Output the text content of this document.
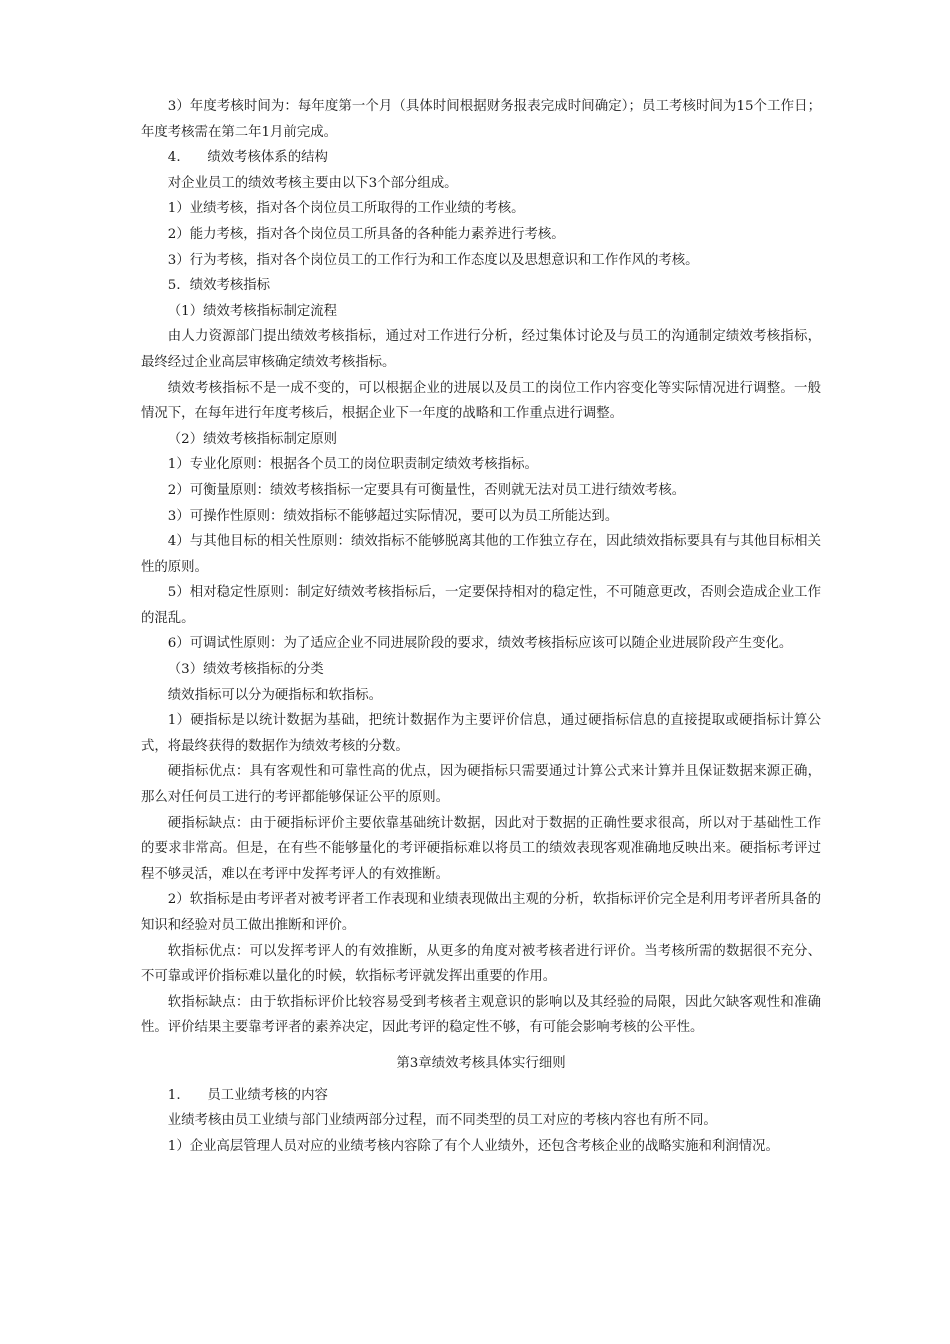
3）年度考核时间为：每年度第一个月（具体时间根据财务报表完成时间确定）；员工考核时间为15个工作日；年度考核需在第二年1月前完成。

4.　　绩效考核体系的结构

对企业员工的绩效考核主要由以下3个部分组成。

1）业绩考核，指对各个岗位员工所取得的工作业绩的考核。

2）能力考核，指对各个岗位员工所具备的各种能力素养进行考核。

3）行为考核，指对各个岗位员工的工作行为和工作态度以及思想意识和工作作风的考核。

5．绩效考核指标

（1）绩效考核指标制定流程

由人力资源部门提出绩效考核指标，通过对工作进行分析，经过集体讨论及与员工的沟通制定绩效考核指标，最终经过企业高层审核确定绩效考核指标。

绩效考核指标不是一成不变的，可以根据企业的进展以及员工的岗位工作内容变化等实际情况进行调整。一般情况下，在每年进行年度考核后，根据企业下一年度的战略和工作重点进行调整。

（2）绩效考核指标制定原则

1）专业化原则：根据各个员工的岗位职责制定绩效考核指标。

2）可衡量原则：绩效考核指标一定要具有可衡量性，否则就无法对员工进行绩效考核。

3）可操作性原则：绩效指标不能够超过实际情况，要可以为员工所能达到。

4）与其他目标的相关性原则：绩效指标不能够脱离其他的工作独立存在，因此绩效指标要具有与其他目标相关性的原则。

5）相对稳定性原则：制定好绩效考核指标后，一定要保持相对的稳定性，不可随意更改，否则会造成企业工作的混乱。

6）可调试性原则：为了适应企业不同进展阶段的要求，绩效考核指标应该可以随企业进展阶段产生变化。

（3）绩效考核指标的分类

绩效指标可以分为硬指标和软指标。

1）硬指标是以统计数据为基础，把统计数据作为主要评价信息，通过硬指标信息的直接提取或硬指标计算公式，将最终获得的数据作为绩效考核的分数。

硬指标优点：具有客观性和可靠性高的优点，因为硬指标只需要通过计算公式来计算并且保证数据来源正确，那么对任何员工进行的考评都能够保证公平的原则。

硬指标缺点：由于硬指标评价主要依靠基础统计数据，因此对于数据的正确性要求很高，所以对于基础性工作的要求非常高。但是，在有些不能够量化的考评硬指标难以将员工的绩效表现客观准确地反映出来。硬指标考评过程不够灵活，难以在考评中发挥考评人的有效推断。

2）软指标是由考评者对被考评者工作表现和业绩表现做出主观的分析，软指标评价完全是利用考评者所具备的知识和经验对员工做出推断和评价。

软指标优点：可以发挥考评人的有效推断，从更多的角度对被考核者进行评价。当考核所需的数据很不充分、不可靠或评价指标难以量化的时候，软指标考评就发挥出重要的作用。

软指标缺点：由于软指标评价比较容易受到考核者主观意识的影响以及其经验的局限，因此欠缺客观性和准确性。评价结果主要靠考评者的素养决定，因此考评的稳定性不够，有可能会影响考核的公平性。

第3章绩效考核具体实行细则

1.　　员工业绩考核的内容

业绩考核由员工业绩与部门业绩两部分过程，而不同类型的员工对应的考核内容也有所不同。

1）企业高层管理人员对应的业绩考核内容除了有个人业绩外，还包含考核企业的战略实施和利润情况。
